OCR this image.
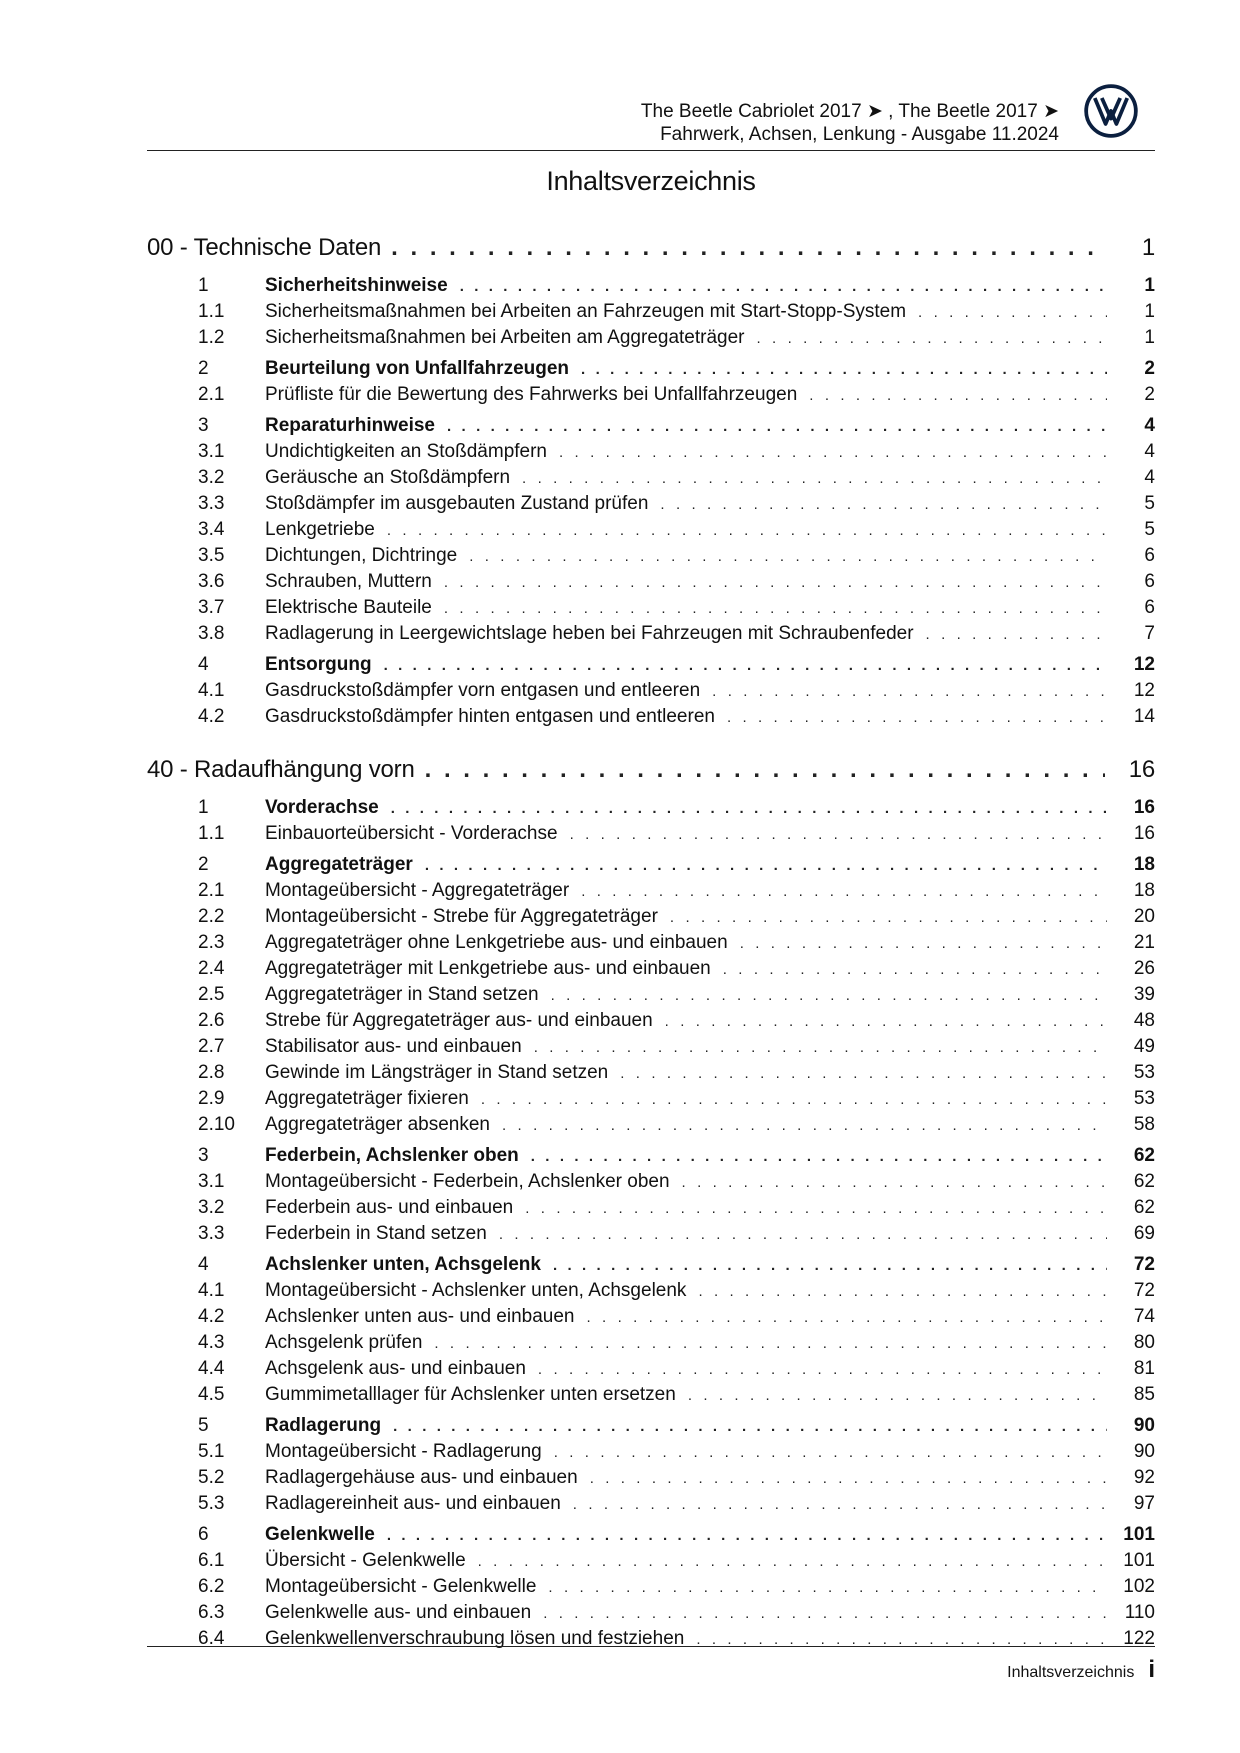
The Beetle Cabriolet 2017 ➤ , The Beetle 2017 ➤
Fahrwerk, Achsen, Lenkung - Ausgabe 11.2024
Inhaltsverzeichnis
00 - Technische Daten . . .	1
1	Sicherheitshinweise . . .	1
1.1	Sicherheitsmaßnahmen bei Arbeiten an Fahrzeugen mit Start-Stopp-System . . .	1
1.2	Sicherheitsmaßnahmen bei Arbeiten am Aggregateträger . . .	1
2	Beurteilung von Unfallfahrzeugen . . .	2
2.1	Prüfliste für die Bewertung des Fahrwerks bei Unfallfahrzeugen . . .	2
3	Reparaturhinweise . . .	4
3.1	Undichtigkeiten an Stoßdämpfern . . .	4
3.2	Geräusche an Stoßdämpfern . . .	4
3.3	Stoßdämpfer im ausgebauten Zustand prüfen . . .	5
3.4	Lenkgetriebe . . .	5
3.5	Dichtungen, Dichtringe . . .	6
3.6	Schrauben, Muttern . . .	6
3.7	Elektrische Bauteile . . .	6
3.8	Radlagerung in Leergewichtslage heben bei Fahrzeugen mit Schraubenfeder . . .	7
4	Entsorgung . . .	12
4.1	Gasdruckstoßdämpfer vorn entgasen und entleeren . . .	12
4.2	Gasdruckstoßdämpfer hinten entgasen und entleeren . . .	14
40 - Radaufhängung vorn . . .	16
1	Vorderachse . . .	16
1.1	Einbauortеübersicht - Vorderachse . . .	16
2	Aggregateträger . . .	18
2.1	Montageübersicht - Aggregateträger . . .	18
2.2	Montageübersicht - Strebe für Aggregateträger . . .	20
2.3	Aggregateträger ohne Lenkgetriebe aus- und einbauen . . .	21
2.4	Aggregateträger mit Lenkgetriebe aus- und einbauen . . .	26
2.5	Aggregateträger in Stand setzen . . .	39
2.6	Strebe für Aggregateträger aus- und einbauen . . .	48
2.7	Stabilisator aus- und einbauen . . .	49
2.8	Gewinde im Längsträger in Stand setzen . . .	53
2.9	Aggregateträger fixieren . . .	53
2.10	Aggregateträger absenken . . .	58
3	Federbein, Achslenker oben . . .	62
3.1	Montageübersicht - Federbein, Achslenker oben . . .	62
3.2	Federbein aus- und einbauen . . .	62
3.3	Federbein in Stand setzen . . .	69
4	Achslenker unten, Achsgelenk . . .	72
4.1	Montageübersicht - Achslenker unten, Achsgelenk . . .	72
4.2	Achslenker unten aus- und einbauen . . .	74
4.3	Achsgelenk prüfen . . .	80
4.4	Achsgelenk aus- und einbauen . . .	81
4.5	Gummimetalllager für Achslenker unten ersetzen . . .	85
5	Radlagerung . . .	90
5.1	Montageübersicht - Radlagerung . . .	90
5.2	Radlagergehäuse aus- und einbauen . . .	92
5.3	Radlagereinheit aus- und einbauen . . .	97
6	Gelenkwelle . . .	101
6.1	Übersicht - Gelenkwelle . . .	101
6.2	Montageübersicht - Gelenkwelle . . .	102
6.3	Gelenkwelle aus- und einbauen . . .	110
6.4	Gelenkwellenverschraubung lösen und festziehen . . .	122
Inhaltsverzeichnis i
